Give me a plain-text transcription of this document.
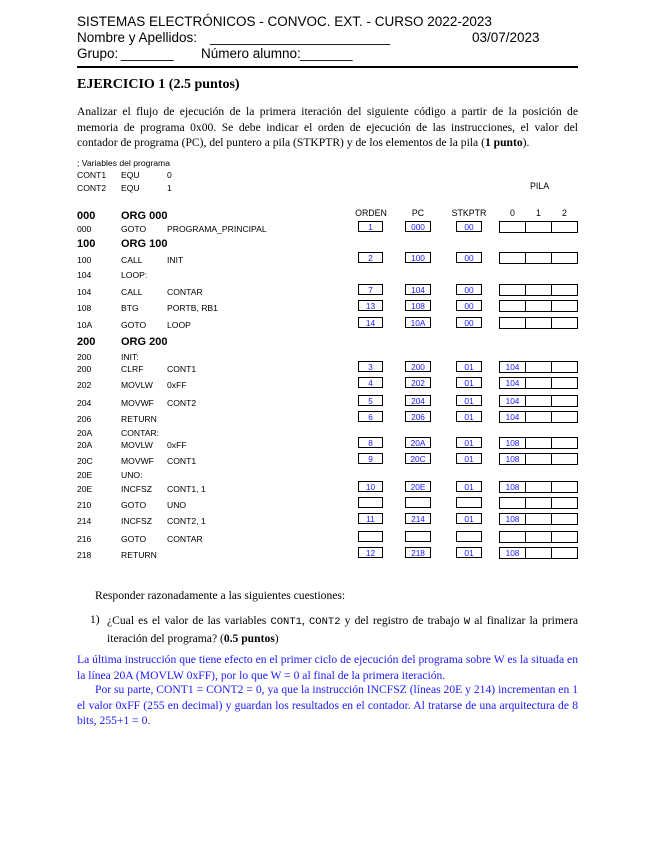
SISTEMAS ELECTRÓNICOS - CONVOC. EXT. - CURSO 2022-2023
Nombre y Apellidos: ________________________	03/07/2023
Grupo: _______ Número alumno: _______
EJERCICIO 1 (2.5 puntos)
Analizar el flujo de ejecución de la primera iteración del siguiente código a partir de la posición de memoria de programa 0x00. Se debe indicar el orden de ejecución de las instrucciones, el valor del contador de programa (PC), del puntero a pila (STKPTR) y de los elementos de la pila (1 punto).
; Variables del programa
CONT1 EQU	0
CONT2 EQU	1
ORDEN	PC	STKPTR
PILA
0 1 2
000 ORG 000
000	GOTO PROGRAMA_PRINCIPAL	1	000	00
100 ORG 100
100	CALL	INIT	2	100	00
104	LOOP:
104	CALL	CONTAR	7	104	00
108	BTG	PORTB, RB1	13	108	00
10A	GOTO LOOP	14	10A	00
200 ORG 200
200	INIT:
200	CLRF	CONT1	3	200	01	104
202	MOVLW 0xFF	4	202	01	104
204	MOVWF CONT2	5	204	01	104
206	RETURN	6	206	01	104
20A	CONTAR:
20A	MOVLW 0xFF	8	20A	01	108
20C	MOVWF CONT1	9	20C	01	108
20E	UNO:
20E	INCFSZ CONT1, 1	10	20E	01	108
210	GOTO UNO
214	INCFSZ CONT2, 1	11	214	01	108
216	GOTO CONTAR
218	RETURN	12	218	01	108
Responder razonadamente a las siguientes cuestiones:
1) ¿Cual es el valor de las variables CONT1, CONT2 y del registro de trabajo W al finalizar la primera iteración del programa? (0.5 puntos)
La última instrucción que tiene efecto en el primer ciclo de ejecución del programa sobre W es la situada en la línea 20A (MOVLW 0xFF), por lo que W = 0 al final de la primera iteración.
Por su parte, CONT1 = CONT2 = 0, ya que la instrucción INCFSZ (líneas 20E y 214) incrementan en 1 el valor 0xFF (255 en decimal) y guardan los resultados en el contador. Al tratarse de una arquitectura de 8 bits, 255+1 = 0.
